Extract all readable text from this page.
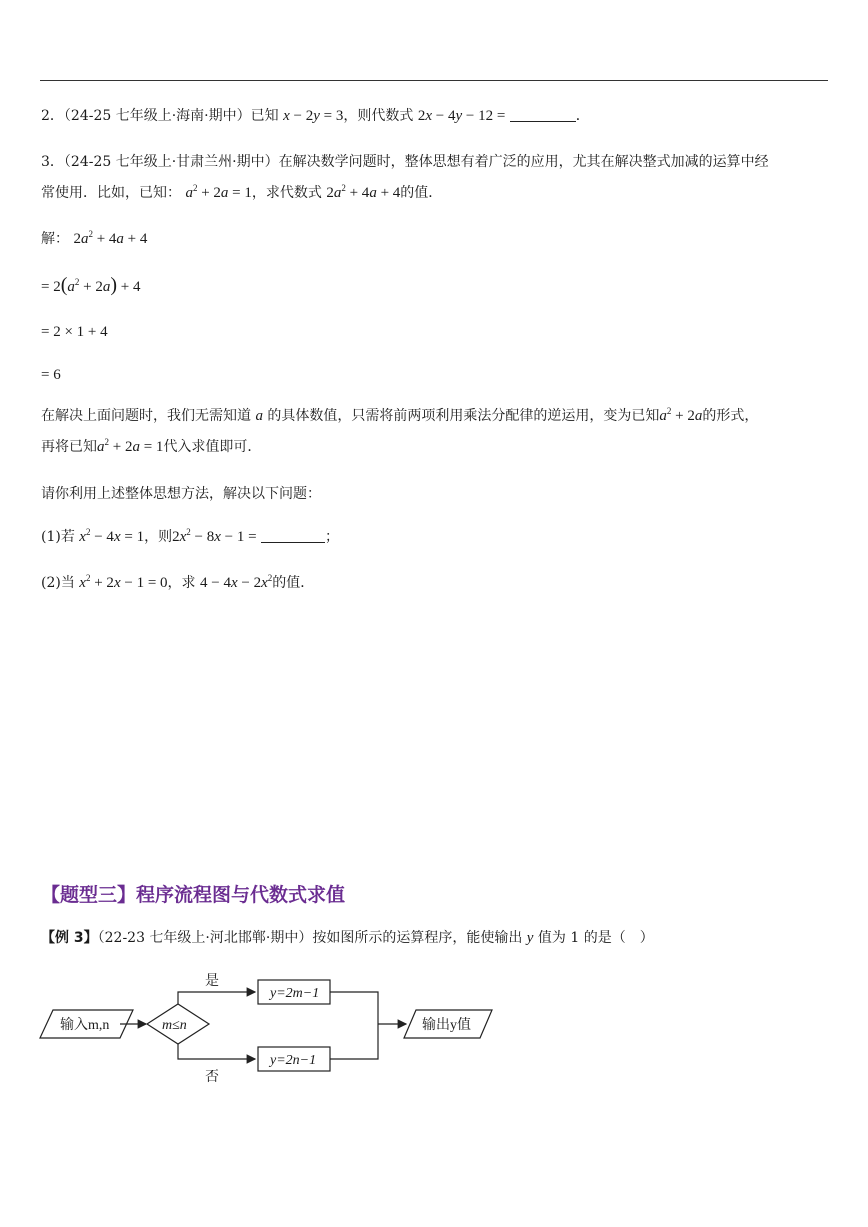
2．（24-25 七年级上·海南·期中）已知 x − 2y = 3，则代数式 2x − 4y − 12 =	．
3．（24-25 七年级上·甘肃兰州·期中）在解决数学问题时，整体思想有着广泛的应用，尤其在解决整式加减的运算中经
常使用．比如，已知： $a^2 + 2a = 1$，求代数式 $2a^2 + 4a + 4$的值．
解： $2a^2 + 4a + 4$
= $2(a^2 + 2a) + 4$
= 2 × 1 + 4
= 6
在解决上面问题时，我们无需知道 a 的具体数值，只需将前两项利用乘法分配律的逆运用，变为已知$a^2 + 2a$的形式，
再将已知$a^2 + 2a = 1$代入求值即可．
请你利用上述整体思想方法，解决以下问题：
(1)若 $x^2 - 4x = 1$，则$2x^2 - 8x - 1$ =	；
(2)当 $x^2 + 2x - 1 = 0$，求 $4 - 4x - 2x^2$的值．
【题型三】程序流程图与代数式求值
【例 3】（22-23 七年级上·河北邯郸·期中）按如图所示的运算程序，能使输出 y 值为 1 的是（　）
输入m,n	m≤n
是
否
y=2m−1
y=2n−1
输出y值
